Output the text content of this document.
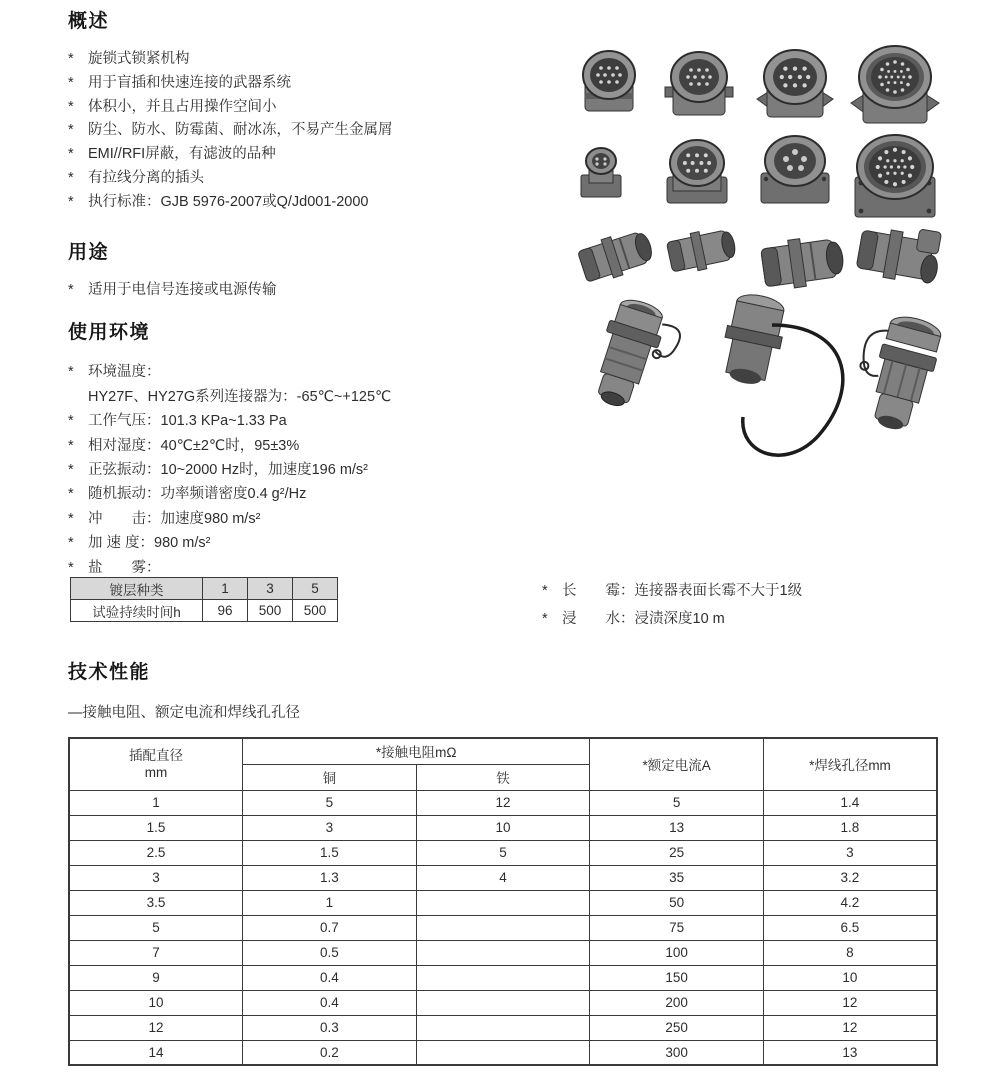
概述
* 旋锁式锁紧机构
* 用于盲插和快速连接的武器系统
* 体积小，并且占用操作空间小
* 防尘、防水、防霉菌、耐冰冻，不易产生金属屑
* EMI//RFI屏蔽，有滤波的品种
* 有拉线分离的插头
* 执行标准：GJB 5976-2007或Q/Jd001-2000
用途
* 适用于电信号连接或电源传输
使用环境
* 环境温度：
HY27F、HY27G系列连接器为：-65℃~+125℃
* 工作气压：101.3 KPa~1.33 Pa
* 相对湿度：40℃±2℃时，95±3%
* 正弦振动：10~2000 Hz时，加速度196 m/s²
* 随机振动：功率频谱密度0.4 g²/Hz
* 冲　　击：加速度980 m/s²
* 加 速 度：980 m/s²
* 盐　　雾：
镀层种类	1	3	5
试验持续时间h	96	500	500
* 长　　霉：连接器表面长霉不大于1级
* 浸　　水：浸渍深度10 m
技术性能
—接触电阻、额定电流和焊线孔孔径
插配直径
mm	*接触电阻mΩ		*额定电流A	*焊线孔径mm
	铜	铁		
1	5	12	5	1.4
1.5	3	10	13	1.8
2.5	1.5	5	25	3
3	1.3	4	35	3.2
3.5	1		50	4.2
5	0.7		75	6.5
7	0.5		100	8
9	0.4		150	10
10	0.4		200	12
12	0.3		250	12
14	0.2		300	13
